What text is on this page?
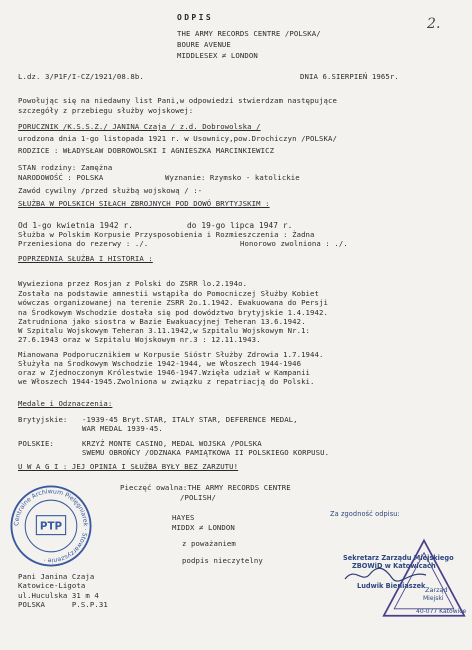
ODPIS	2.
THE ARMY RECORDS CENTRE /POLSKA/
BOURE AVENUE
MIDDLESEX ≠ LONDON
L.dz. 3/P1F/I-CZ/1921/08.8b.	DNIA 6.SIERPIEŃ 1965r.
Powołując się na niedawny list Pani,w odpowiedzi stwierdzam następujące
szczegóły z przebiegu służby wojskowej:
PORUCZNIK /K.S.S.Z./ JANINA Czaja / z.d. Dobrowolska /
urodzona dnia 1-go listopada 1921 r. w Usownicy,pow.Drochiczyn /POLSKA/
RODZICE : WŁADYSŁAW DOBROWOLSKI I AGNIESZKA MARCINKIEWICZ
STAN rodziny: Zamężna
NARODOWOŚĆ : POLSKA	Wyznanie: Rzymsko - katolickie
Zawód cywilny /przed służbą wojskową / :-
SŁUŻBA W POLSKICH SIŁACH ZBROJNYCH POD DOWÓ BRYTYJSKIM :
Od 1-go kwietnia 1942 r.	do 19-go lipca 1947 r.
Służba w Polskim Korpusie Przysposobienia i Rozmieszczenia : Żadna
Przeniesiona do rezerwy : ./.	Honorowo zwolniona : ./.
POPRZEDNIA SŁUŻBA I HISTORIA :
Wywieziona przez Rosjan z Polski do ZSRR lo.2.194o.
Została na podstawie amnestii wstąpiła do Pomocniczej Służby Kobiet
wówczas organizowanej na terenie ZSRR 2o.1.1942. Ewakuowana do Persji
na Środkowym Wschodzie dostała się pod dowództwo brytyjskie 1.4.1942.
Zatrudniona jako siostra w Bazie Ewakuacyjnej Teheran 13.6.1942.
W Szpitalu Wojskowym Teheran 3.11.1942,w Szpitalu Wojskowym Nr.1:
27.6.1943 oraz w Szpitalu Wojskowym nr.3 : 12.11.1943.
Mianowana Podporucznikiem w Korpusie Sióstr Służby Zdrowia 1.7.1944.
Służyła na Środkowym Wschodzie 1942-1944, we Włoszech 1944-1946
oraz w Zjednoczonym Królestwie 1946-1947.Wzięła udział w Kampanii
we Włoszech 1944-1945.Zwolniona w związku z repatriacją do Polski.
Medale i Odznaczenia:
Brytyjskie: -1939-45 Bryt.STAR, ITALY STAR, DEFERENCE MEDAL,
WAR MEDAL 1939-45.
POLSKIE:	KRZYŻ MONTE CASINO, MEDAL WOJSKA /POLSKA
SWEMU OBROŃCY /ODZNAKA PAMIĄTKOWA II POLSKIEGO KORPUSU.
U W A G I : JEJ OPINIA I SŁUŻBA BYŁY BEZ ZARZUTU!
Pieczęć owalna:THE ARMY RECORDS CENTRE
/POLISH/
HAYES
MIDDX ≠ LONDON
z poważaniem
podpis nieczytelny
Za zgodność odpisu:
Pani Janina Czaja
Katowice-Ligota
ul.Huculska 31 m 4
POLSKA      P.S.P.31
Centralne Archiwum Pielęgniarek · Stowarzyszenie ·
PTP
Zarząd
Miejski
40-077 Katowice
Sekretarz Zarządu Miejskiego
ZBOWiD w Katowicach
Ludwik Bieniaszek
